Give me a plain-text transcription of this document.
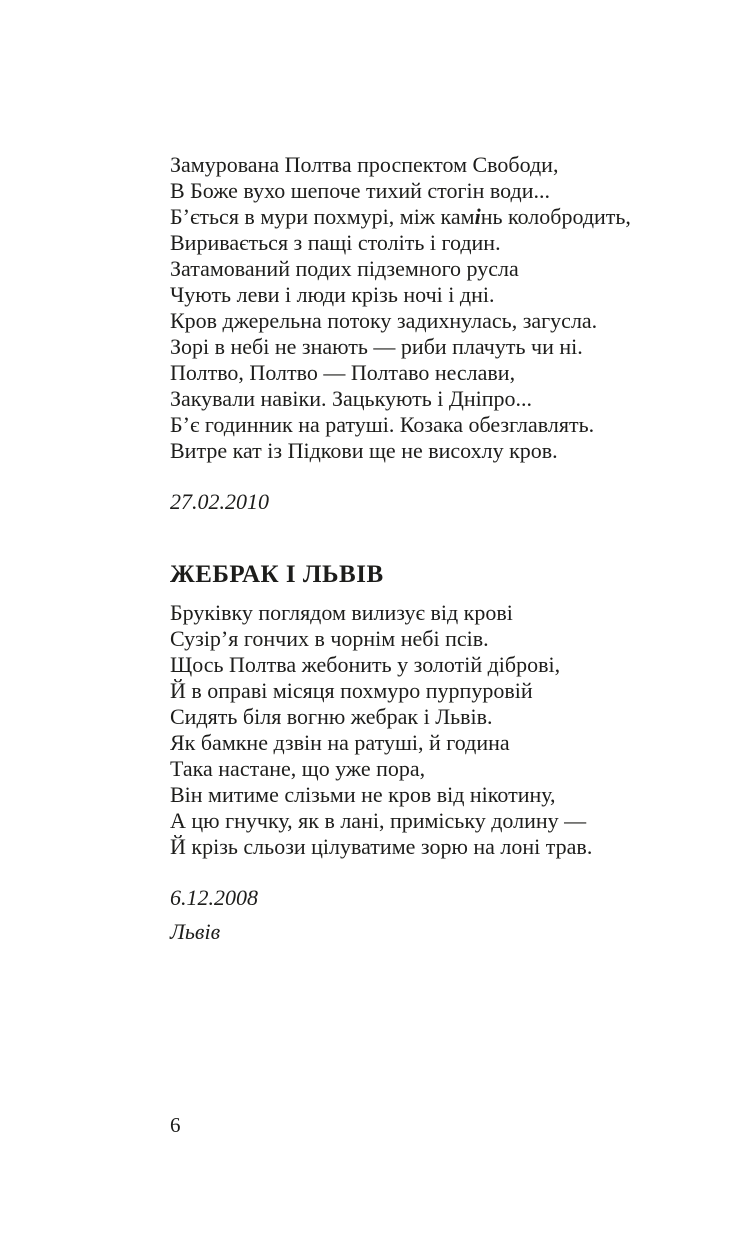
Замурована Полтва проспектом Свободи,
В Боже вухо шепоче тихий стогін води...
Б’ється в мури похмурі, між камінь колобродить,
Виривається з пащі століть і годин.
Затамований подих підземного русла
Чують леви і люди крізь ночі і дні.
Кров джерельна потоку задихнулась, загусла.
Зорі в небі не знають — риби плачуть чи ні.
Полтво, Полтво — Полтаво неслави,
Закували навіки. Зацькують і Дніпро...
Б’є годинник на ратуші. Козака обезглавлять.
Витре кат із Підкови ще не висохлу кров.
27.02.2010
ЖЕБРАК І ЛЬВІВ
Бруківку поглядом вилизує від крові
Сузір’я гончих в чорнім небі псів.
Щось Полтва жебонить у золотій діброві,
Й в оправі місяця похмуро пурпуровій
Сидять біля вогню жебрак і Львів.
Як бамкне дзвін на ратуші, й година
Така настане, що уже пора,
Він митиме слізьми не кров від нікотину,
А цю гнучку, як в лані, приміську долину —
Й крізь сльози цілуватиме зорю на лоні трав.
6.12.2008
Львів
6
